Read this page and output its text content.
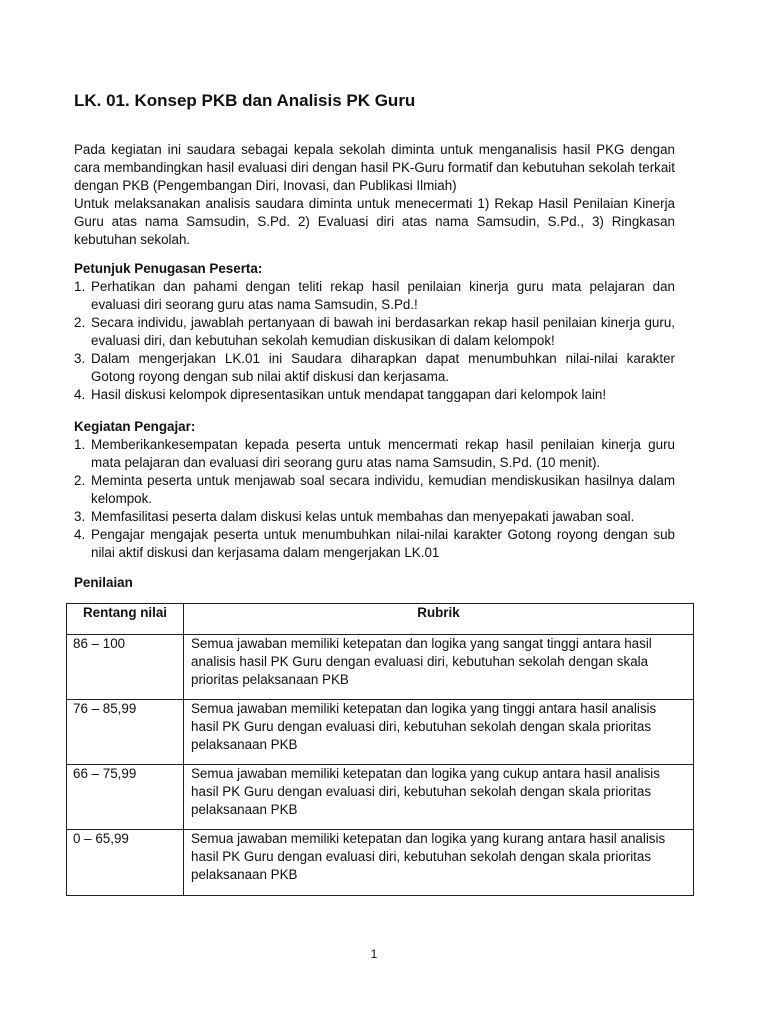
LK. 01. Konsep PKB dan Analisis PK Guru

Pada kegiatan ini saudara sebagai kepala sekolah diminta untuk menganalisis hasil PKG dengan cara membandingkan hasil evaluasi diri dengan hasil PK-Guru formatif dan kebutuhan sekolah terkait dengan PKB (Pengembangan Diri, Inovasi, dan Publikasi Ilmiah)

Untuk melaksanakan analisis saudara diminta untuk menecermati 1) Rekap Hasil Penilaian Kinerja Guru atas nama Samsudin, S.Pd. 2) Evaluasi diri atas nama Samsudin, S.Pd., 3) Ringkasan kebutuhan sekolah.

Petunjuk Penugasan Peserta:

1. Perhatikan dan pahami dengan teliti rekap hasil penilaian kinerja guru mata pelajaran dan evaluasi diri seorang guru atas nama Samsudin, S.Pd.!
2. Secara individu, jawablah pertanyaan di bawah ini berdasarkan rekap hasil penilaian kinerja guru, evaluasi diri, dan kebutuhan sekolah kemudian diskusikan di dalam kelompok!
3. Dalam mengerjakan LK.01 ini Saudara diharapkan dapat menumbuhkan nilai-nilai karakter Gotong royong dengan sub nilai aktif diskusi dan kerjasama.
4. Hasil diskusi kelompok dipresentasikan untuk mendapat tanggapan dari kelompok lain!

Kegiatan Pengajar:

1. Memberikankesempatan kepada peserta untuk mencermati rekap hasil penilaian kinerja guru mata pelajaran dan evaluasi diri seorang guru atas nama Samsudin, S.Pd. (10 menit).
2. Meminta peserta untuk menjawab soal secara individu, kemudian mendiskusikan hasilnya dalam kelompok.
3. Memfasilitasi peserta dalam diskusi kelas untuk membahas dan menyepakati jawaban soal.
4. Pengajar mengajak peserta untuk menumbuhkan nilai-nilai karakter Gotong royong dengan sub nilai aktif diskusi dan kerjasama dalam mengerjakan LK.01

Penilaian

Rentang nilai	Rubrik
86 – 100	Semua jawaban memiliki ketepatan dan logika yang sangat tinggi antara hasil analisis hasil PK Guru dengan evaluasi diri, kebutuhan sekolah dengan skala prioritas pelaksanaan PKB
76 – 85,99	Semua jawaban memiliki ketepatan dan logika yang tinggi antara hasil analisis hasil PK Guru dengan evaluasi diri, kebutuhan sekolah dengan skala prioritas pelaksanaan PKB
66 – 75,99	Semua jawaban memiliki ketepatan dan logika yang cukup antara hasil analisis hasil PK Guru dengan evaluasi diri, kebutuhan sekolah dengan skala prioritas pelaksanaan PKB
0 – 65,99	Semua jawaban memiliki ketepatan dan logika yang kurang antara hasil analisis hasil PK Guru dengan evaluasi diri, kebutuhan sekolah dengan skala prioritas pelaksanaan PKB
1
